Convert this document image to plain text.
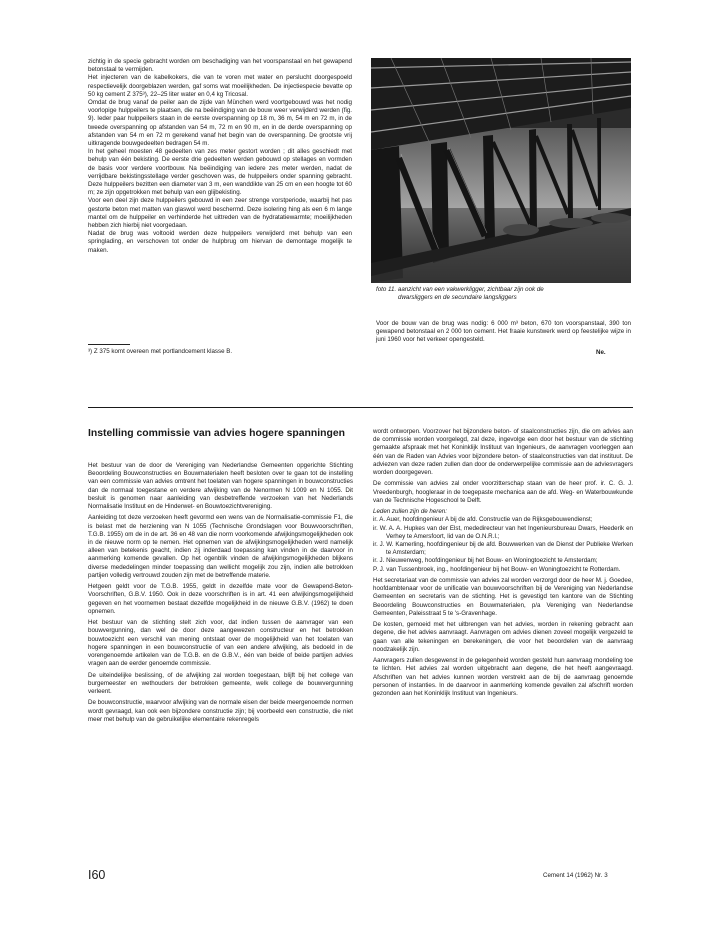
zichtig in de specie gebracht worden om beschadiging van het voorspanstaal en het gewapend betonstaal te vermijden.

Het injecteren van de kabelkokers, die van te voren met water en perslucht doorgespoeld respectievelijk doorgeblazen werden, gaf soms wat moeilijkheden. De injectiespecie bevatte op 50 kg cement Z 375³), 22–25 liter water en 0,4 kg Tricosal.

Omdat de brug vanaf de peiler aan de zijde van München werd voortgebouwd was het nodig voorlopige hulppeilers te plaatsen, die na beëindiging van de bouw weer verwijderd werden (fig. 9). Ieder paar hulppeilers staan in de eerste overspanning op 18 m, 36 m, 54 m en 72 m, in de tweede overspanning op afstanden van 54 m, 72 m en 90 m, en in de derde overspanning op afstanden van 54 m en 72 m gerekend vanaf het begin van de overspanning. De grootste vrij uitkragende bouwgedeelten bedragen 54 m.

In het geheel moesten 48 gedeelten van zes meter gestort worden ; dit alles geschiedt met behulp van één bekisting. De eerste drie gedeelten werden gebouwd op stellages en vormden de basis voor verdere voortbouw. Na beëindiging van iedere zes meter werden, nadat de verrijdbare bekistingsstellage verder geschoven was, de hulppeilers onder spanning gebracht. Deze hulppeilers bezitten een diameter van 3 m, een wanddikte van 25 cm en een hoogte tot 60 m; ze zijn opgetrokken met behulp van een glijbekisting.

Voor een deel zijn deze hulppeilers gebouwd in een zeer strenge vorstperiode, waarbij het pas gestorte beton met matten van glaswol werd beschermd. Deze isolering hing als een 6 m lange mantel om de hulppeiler en verhinderde het uittreden van de hydratatiewarmte; moeilijkheden hebben zich hierbij niet voorgedaan.

Nadat de brug was voltooid werden deze hulppeilers verwijderd met behulp van een springlading, en verschoven tot onder de hulpbrug om hiervan de demontage mogelijk te maken.

³) Z 375 komt overeen met portlandcement klasse B.
foto 11. aanzicht van een vakwerkligger, zichtbaar zijn ook de
dwarsliggers en de secundaire langsliggers

Voor de bouw van de brug was nodig: 6 000 m³ beton, 670 ton voorspanstaal, 390 ton gewapend betonstaal en 2 000 ton cement. Het fraaie kunstwerk werd op feestelijke wijze in juni 1960 voor het verkeer opengesteld.

Ne.
Instelling commissie van advies hogere spanningen

Het bestuur van de door de Vereniging van Nederlandse Gemeenten opgerichte Stichting Beoordeling Bouwconstructies en Bouwmaterialen heeft besloten over te gaan tot de instelling van een commissie van advies omtrent het toelaten van hogere spanningen in bouwconstructies dan de normaal toegestane en verdere afwijking van de Nenormen N 1009 en N 1055. Dit besluit is genomen naar aanleiding van desbetreffende verzoeken van het Nederlands Normalisatie Instituut en de Hinderwet- en Bouwtoezichtvereniging.

Aanleiding tot deze verzoeken heeft gevormd een wens van de Normalisatie-commissie F1, die is belast met de herziening van N 1055 (Technische Grondslagen voor Bouwvoorschriften, T.G.B. 1955) om de in de art. 36 en 48 van die norm voorkomende afwijkingsmogelijkheden ook in de nieuwe norm op te nemen. Het opnemen van de afwijkingsmogelijkheden werd namelijk alleen van betekenis geacht, indien zij inderdaad toepassing kan vinden in de daarvoor in aanmerking komende gevallen. Op het ogenblik vinden de afwijkingsmogelijkheden blijkens diverse mededelingen minder toepassing dan wellicht mogelijk zou zijn, indien alle betrokken partijen volledig vertrouwd zouden zijn met de betreffende materie.

Hetgeen geldt voor de T.G.B. 1955, geldt in dezelfde mate voor de Gewapend-Beton-Voorschriften, G.B.V. 1950. Ook in deze voorschriften is in art. 41 een afwijkingsmogelijkheid gegeven en het voornemen bestaat dezelfde mogelijkheid in de nieuwe G.B.V. (1962) te doen opnemen.

Het bestuur van de stichting stelt zich voor, dat indien tussen de aanvrager van een bouwvergunning, dan wel de door deze aangewezen constructeur en het betrokken bouwtoezicht een verschil van mening ontstaat over de mogelijkheid van het toelaten van hogere spanningen in een bouwconstructie of van een andere afwijking, als bedoeld in de vorengenoemde artikelen van de T.G.B. en de G.B.V., één van beide of beide partijen advies vragen aan de eerder genoemde commissie.

De uiteindelijke beslissing, of de afwijking zal worden toegestaan, blijft bij het college van burgemeester en wethouders der betrokken gemeente, welk college de bouwvergunning verleent.

De bouwconstructie, waarvoor afwijking van de normale eisen der beide meergenoemde normen wordt gevraagd, kan ook een bijzondere constructie zijn; bij voorbeeld een constructie, die niet meer met behulp van de gebruikelijke elementaire rekenregels

wordt ontworpen. Voorzover het bijzondere beton- of staalconstructies zijn, die om advies aan de commissie worden voorgelegd, zal deze, ingevolge een door het bestuur van de stichting gemaakte afspraak met het Koninklijk Instituut van Ingenieurs, de aanvragen voorleggen aan één van de Raden van Advies voor bijzondere beton- of staalconstructies van dat instituut. De adviezen van deze raden zullen dan door de onderwerpelijke commissie aan de adviesvragers worden doorgegeven.

De commissie van advies zal onder voorzitterschap staan van de heer prof. ir. C. G. J. Vreedenburgh, hoogleraar in de toegepaste mechanica aan de afd. Weg- en Waterbouwkunde van de Technische Hogeschool te Delft.

Leden zullen zijn de heren:

ir. A. Auer, hoofdingenieur A bij de afd. Constructie van de Rijksgebouwendienst;

ir. W. A. A. Hupkes van der Elst, mededirecteur van het Ingenieursbureau Dwars, Heederik en Verhey te Amersfoort, lid van de O.N.R.I.;

ir. J. W. Kamerling, hoofdingenieur bij de afd. Bouwwerken van de Dienst der Publieke Werken te Amsterdam;

ir. J. Nieuwenweg, hoofdingenieur bij het Bouw- en Woningtoezicht te Amsterdam;

P. J. van Tussenbroek, ing., hoofdingenieur bij het Bouw- en Woningtoezicht te Rotterdam.

Het secretariaat van de commissie van advies zal worden verzorgd door de heer M. j. Goedee, hoofdambtenaar voor de unificatie van bouwvoorschriften bij de Vereniging van Nederlandse Gemeenten en secretaris van de stichting. Het is gevestigd ten kantore van de Stichting Beoordeling Bouwconstructies en Bouwmaterialen, p/a Vereniging van Nederlandse Gemeenten, Paleisstraat 5 te 's-Gravenhage.

De kosten, gemoeid met het uitbrengen van het advies, worden in rekening gebracht aan degene, die het advies aanvraagt. Aanvragen om advies dienen zoveel mogelijk vergezeld te gaan van alle tekeningen en berekeningen, die voor het beoordelen van de aanvraag noodzakelijk zijn.

Aanvragers zullen desgewenst in de gelegenheid worden gesteld hun aanvraag mondeling toe te lichten. Het advies zal worden uitgebracht aan degene, die het heeft aangevraagd. Afschriften van het advies kunnen worden verstrekt aan de bij de aanvraag genoemde personen of instanties. In de daarvoor in aanmerking komende gevallen zal afschrift worden gezonden aan het Koninklijk Instituut van Ingenieurs.

I60	Cement 14 (1962) Nr. 3
